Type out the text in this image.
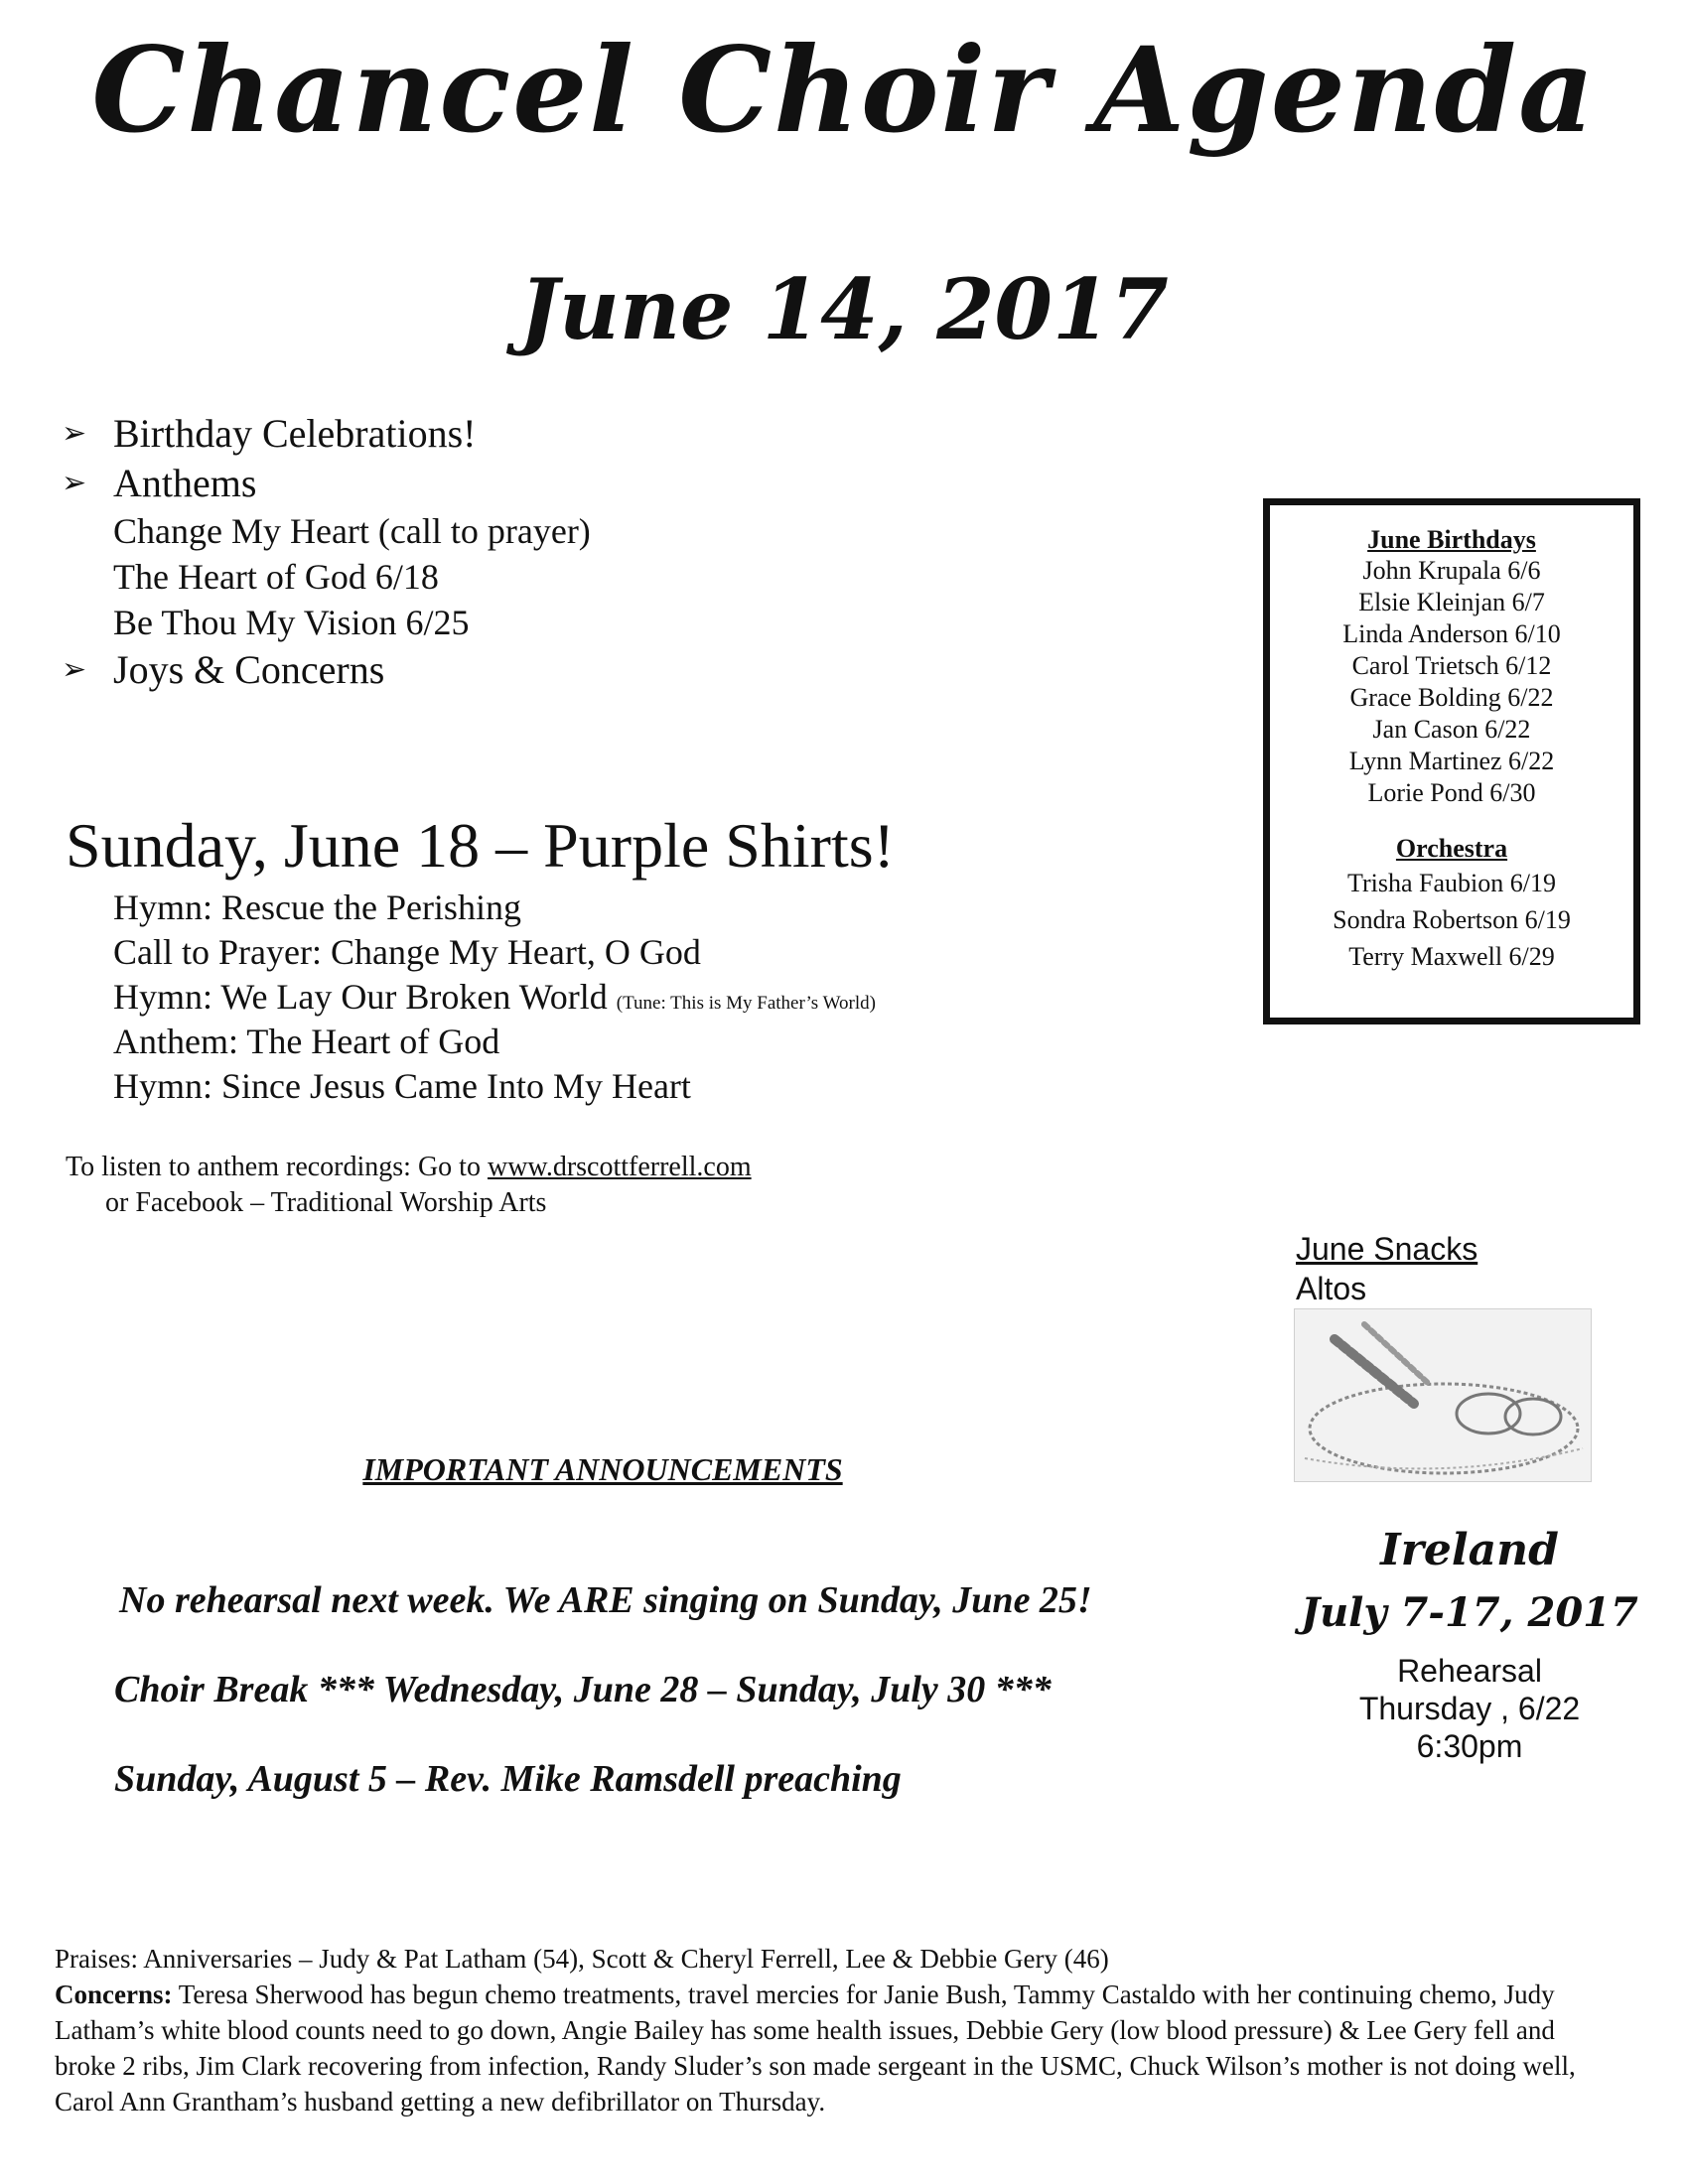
Chancel Choir Agenda
June 14, 2017
➢ Birthday Celebrations!
➢ Anthems
Change My Heart (call to prayer)
The Heart of God 6/18
Be Thou My Vision 6/25
➢ Joys & Concerns
Sunday, June 18 – Purple Shirts!
Hymn: Rescue the Perishing
Call to Prayer: Change My Heart, O God
Hymn: We Lay Our Broken World (Tune: This is My Father’s World)
Anthem: The Heart of God
Hymn: Since Jesus Came Into My Heart
To listen to anthem recordings: Go to www.drscottferrell.com
or Facebook – Traditional Worship Arts
June Birthdays
John Krupala 6/6
Elsie Kleinjan 6/7
Linda Anderson 6/10
Carol Trietsch 6/12
Grace Bolding 6/22
Jan Cason 6/22
Lynn Martinez 6/22
Lorie Pond 6/30
Orchestra
Trisha Faubion 6/19
Sondra Robertson 6/19
Terry Maxwell 6/29
June Snacks
Altos
Ireland
July 7-17, 2017
Rehearsal
Thursday , 6/22
6:30pm
IMPORTANT ANNOUNCEMENTS
No rehearsal next week. We ARE singing on Sunday, June 25!
Choir Break *** Wednesday, June 28 – Sunday, July 30 ***
Sunday, August 5 – Rev. Mike Ramsdell preaching
Praises: Anniversaries – Judy & Pat Latham (54), Scott & Cheryl Ferrell, Lee & Debbie Gery (46)
Concerns: Teresa Sherwood has begun chemo treatments, travel mercies for Janie Bush, Tammy Castaldo with her continuing chemo, Judy Latham’s white blood counts need to go down, Angie Bailey has some health issues, Debbie Gery (low blood pressure) & Lee Gery fell and broke 2 ribs, Jim Clark recovering from infection, Randy Sluder’s son made sergeant in the USMC, Chuck Wilson’s mother is not doing well, Carol Ann Grantham’s husband getting a new defibrillator on Thursday.
